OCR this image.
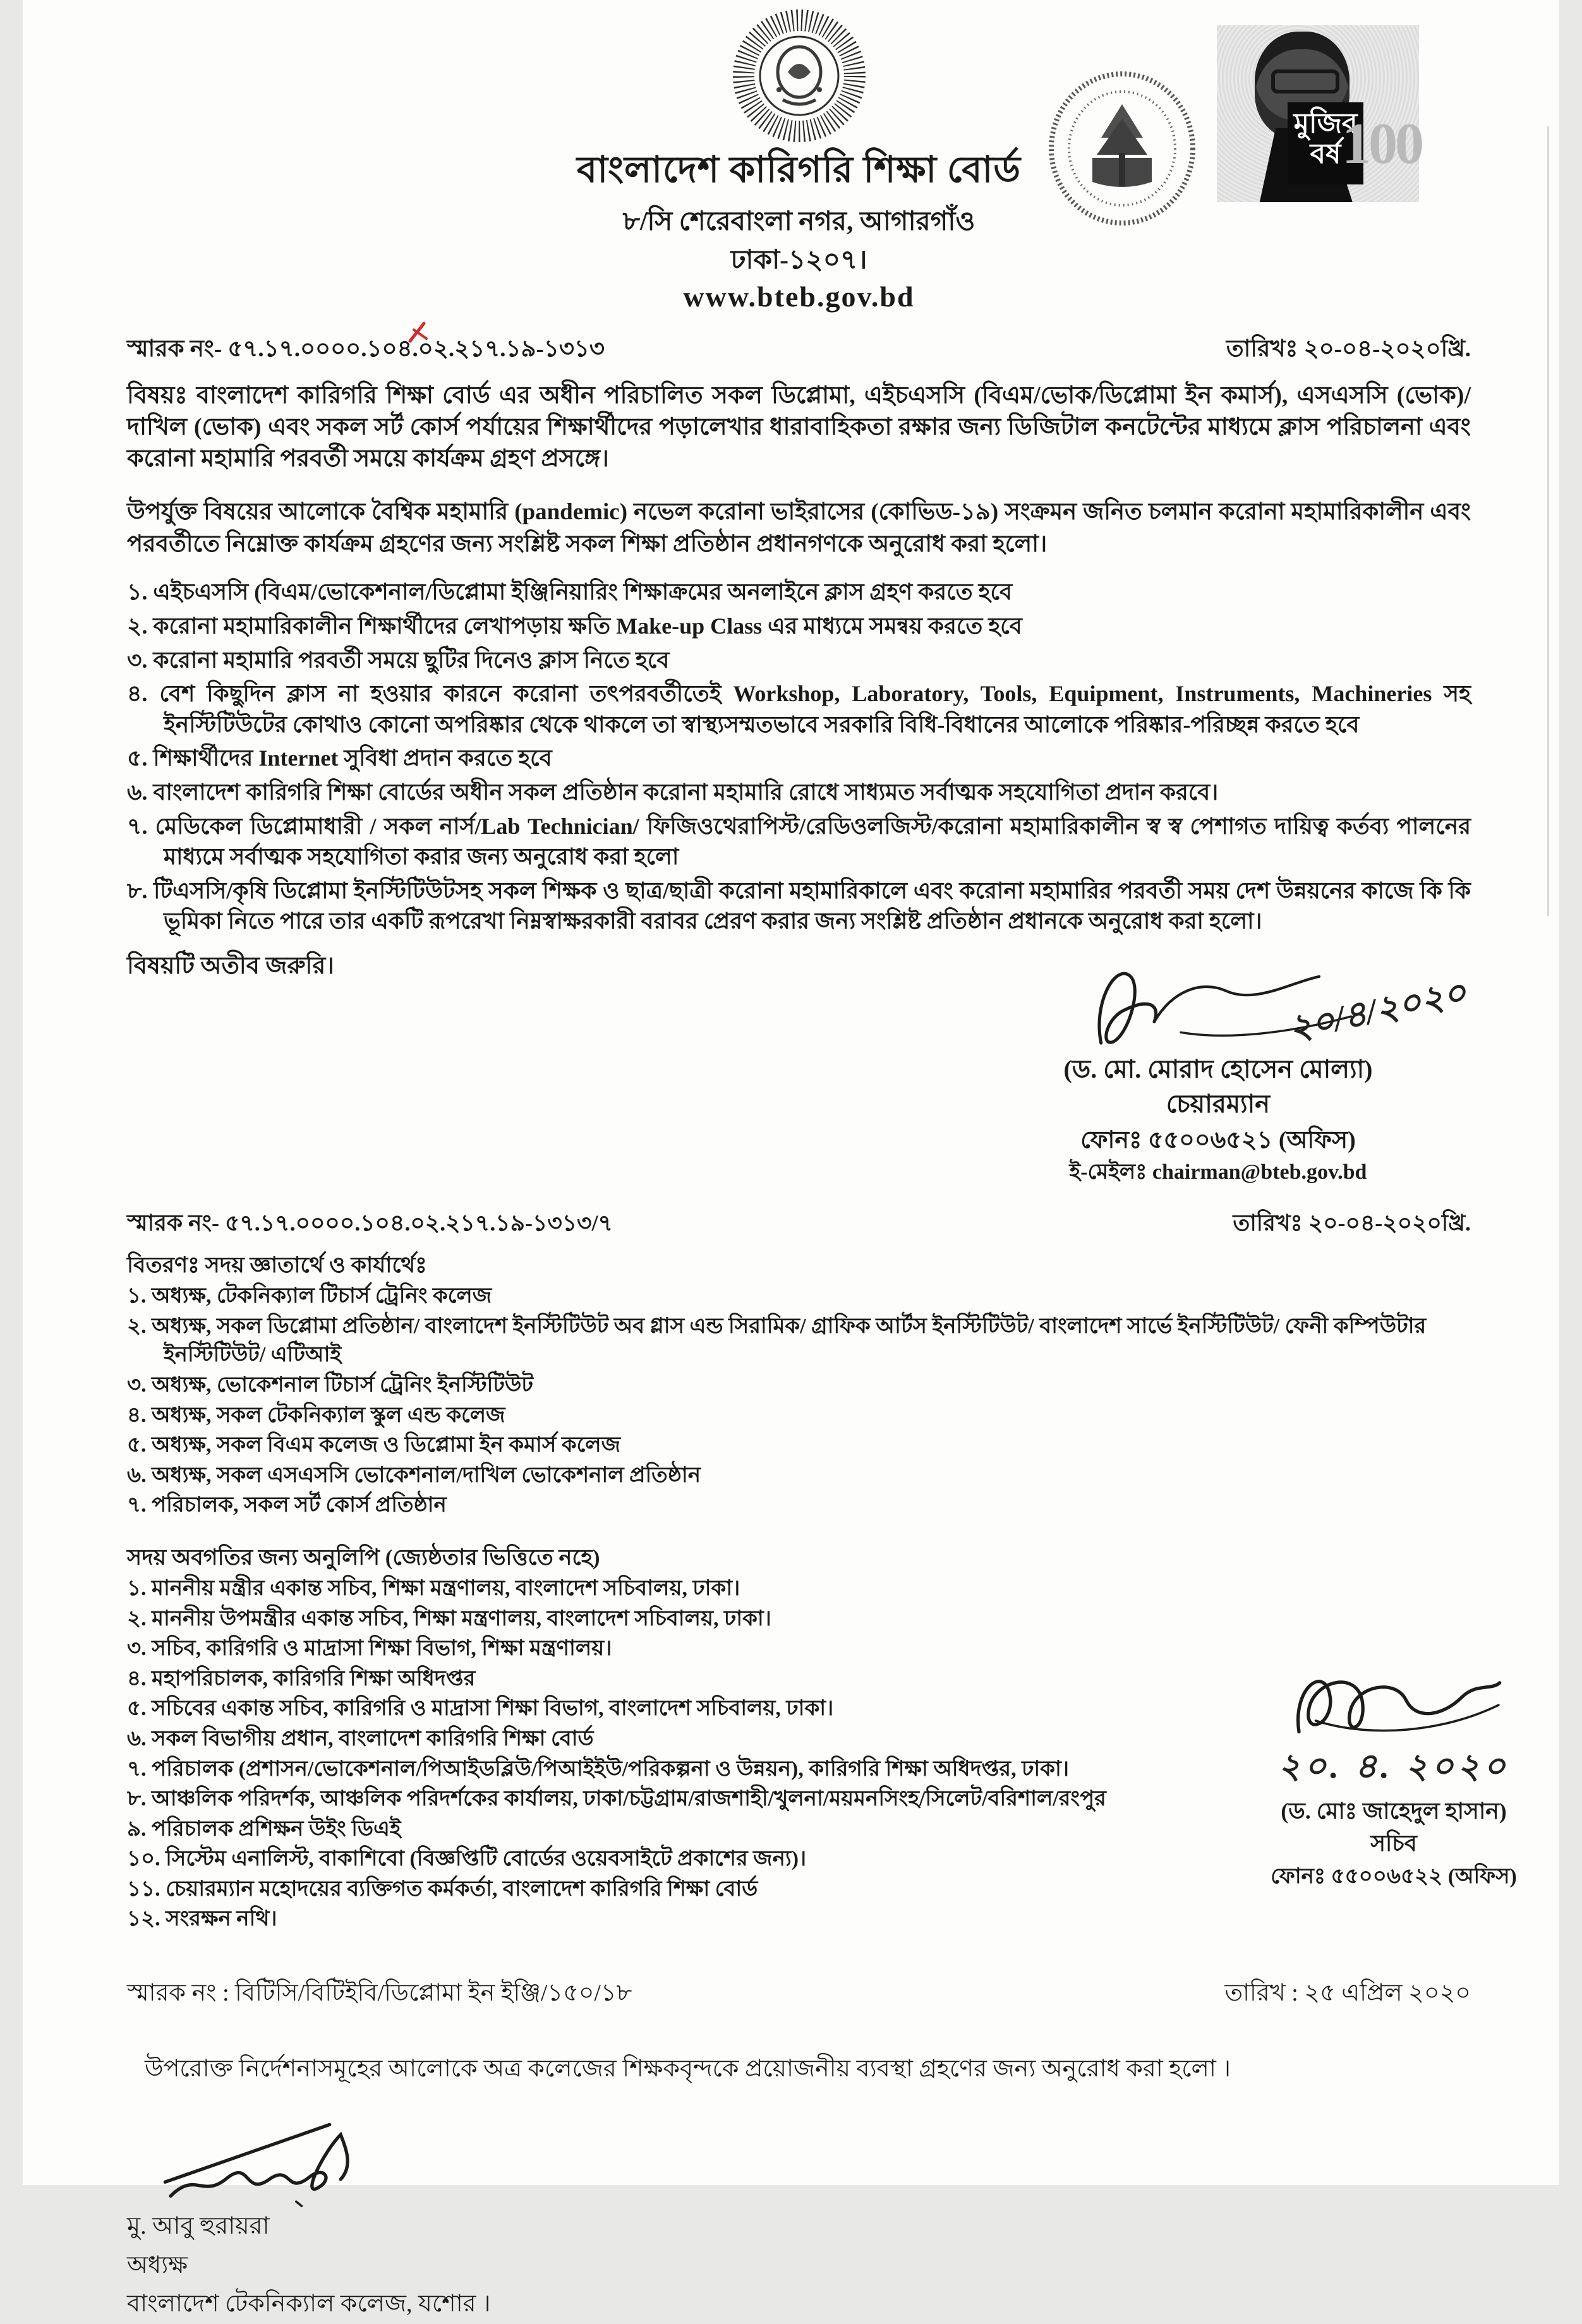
বাংলাদেশ কারিগরি শিক্ষা বোর্ড
৮/সি শেরেবাংলা নগর, আগারগাঁও
ঢাকা-১২০৭।
www.bteb.gov.bd
মুজিব
বর্ষ 100
স্মারক নং- ৫৭.১৭.০০০০.১০৪.০২.২১৭.১৯-১৩১৩	তারিখঃ ২০-০৪-২০২০খ্রি.

বিষয়ঃ বাংলাদেশ কারিগরি শিক্ষা বোর্ড এর অধীন পরিচালিত সকল ডিপ্লোমা, এইচএসসি (বিএম/ভোক/ডিপ্লোমা ইন কমার্স), এসএসসি (ভোক)/দাখিল (ভোক) এবং সকল সর্ট কোর্স পর্যায়ের শিক্ষার্থীদের পড়ালেখার ধারাবাহিকতা রক্ষার জন্য ডিজিটাল কনটেন্টের মাধ্যমে ক্লাস পরিচালনা এবং করোনা মহামারি পরবর্তী সময়ে কার্যক্রম গ্রহণ প্রসঙ্গে।

উপর্যুক্ত বিষয়ের আলোকে বৈশ্বিক মহামারি (pandemic) নভেল করোনা ভাইরাসের (কোভিড-১৯) সংক্রমন জনিত চলমান করোনা মহামারিকালীন এবং পরবর্তীতে নিম্নোক্ত কার্যক্রম গ্রহণের জন্য সংশ্লিষ্ট সকল শিক্ষা প্রতিষ্ঠান প্রধানগণকে অনুরোধ করা হলো।

১. এইচএসসি (বিএম/ভোকেশনাল/ডিপ্লোমা ইঞ্জিনিয়ারিং শিক্ষাক্রমের অনলাইনে ক্লাস গ্রহণ করতে হবে

২. করোনা মহামারিকালীন শিক্ষার্থীদের লেখাপড়ায় ক্ষতি Make-up Class এর মাধ্যমে সমন্বয় করতে হবে

৩. করোনা মহামারি পরবর্তী সময়ে ছুটির দিনেও ক্লাস নিতে হবে

৪. বেশ কিছুদিন ক্লাস না হওয়ার কারনে করোনা তৎপরবর্তীতেই Workshop, Laboratory, Tools, Equipment, Instruments, Machineries সহ ইনস্টিটিউটের কোথাও কোনো অপরিষ্কার থেকে থাকলে তা স্বাস্থ্যসম্মতভাবে সরকারি বিধি-বিধানের আলোকে পরিষ্কার-পরিচ্ছন্ন করতে হবে

৫. শিক্ষার্থীদের Internet সুবিধা প্রদান করতে হবে

৬. বাংলাদেশ কারিগরি শিক্ষা বোর্ডের অধীন সকল প্রতিষ্ঠান করোনা মহামারি রোধে সাধ্যমত সর্বাত্মক সহযোগিতা প্রদান করবে।

৭. মেডিকেল ডিপ্লোমাধারী / সকল নার্স/Lab Technician/ ফিজিওথেরাপিস্ট/রেডিওলজিস্ট/করোনা মহামারিকালীন স্ব স্ব পেশাগত দায়িত্ব কর্তব্য পালনের মাধ্যমে সর্বাত্মক সহযোগিতা করার জন্য অনুরোধ করা হলো

৮. টিএসসি/কৃষি ডিপ্লোমা ইনস্টিটিউটসহ সকল শিক্ষক ও ছাত্র/ছাত্রী করোনা মহামারিকালে এবং করোনা মহামারির পরবর্তী সময় দেশ উন্নয়নের কাজে কি কি ভূমিকা নিতে পারে তার একটি রূপরেখা নিম্নস্বাক্ষরকারী বরাবর প্রেরণ করার জন্য সংশ্লিষ্ট প্রতিষ্ঠান প্রধানকে অনুরোধ করা হলো।

বিষয়টি অতীব জরুরি।

২০/৪/২০২০
(ড. মো. মোরাদ হোসেন মোল্যা)
চেয়ারম্যান
ফোনঃ ৫৫০০৬৫২১ (অফিস)
ই-মেইলঃ chairman@bteb.gov.bd
স্মারক নং- ৫৭.১৭.০০০০.১০৪.০২.২১৭.১৯-১৩১৩/৭	তারিখঃ ২০-০৪-২০২০খ্রি.
বিতরণঃ সদয় জ্ঞাতার্থে ও কার্যার্থেঃ

১. অধ্যক্ষ, টেকনিক্যাল টিচার্স ট্রেনিং কলেজ

২. অধ্যক্ষ, সকল ডিপ্লোমা প্রতিষ্ঠান/ বাংলাদেশ ইনস্টিটিউট অব গ্লাস এন্ড সিরামিক/ গ্রাফিক আর্টস ইনস্টিটিউট/ বাংলাদেশ সার্ভে ইনস্টিটিউট/ ফেনী কম্পিউটার ইনস্টিটিউট/ এটিআই

৩. অধ্যক্ষ, ভোকেশনাল টিচার্স ট্রেনিং ইনস্টিটিউট

৪. অধ্যক্ষ, সকল টেকনিক্যাল স্কুল এন্ড কলেজ

৫. অধ্যক্ষ, সকল বিএম কলেজ ও ডিপ্লোমা ইন কমার্স কলেজ

৬. অধ্যক্ষ, সকল এসএসসি ভোকেশনাল/দাখিল ভোকেশনাল প্রতিষ্ঠান

৭. পরিচালক, সকল সর্ট কোর্স প্রতিষ্ঠান

সদয় অবগতির জন্য অনুলিপি (জ্যেষ্ঠতার ভিত্তিতে নহে)

১. মাননীয় মন্ত্রীর একান্ত সচিব, শিক্ষা মন্ত্রণালয়, বাংলাদেশ সচিবালয়, ঢাকা।

২. মাননীয় উপমন্ত্রীর একান্ত সচিব, শিক্ষা মন্ত্রণালয়, বাংলাদেশ সচিবালয়, ঢাকা।

৩. সচিব, কারিগরি ও মাদ্রাসা শিক্ষা বিভাগ, শিক্ষা মন্ত্রণালয়।

৪. মহাপরিচালক, কারিগরি শিক্ষা অধিদপ্তর

৫. সচিবের একান্ত সচিব, কারিগরি ও মাদ্রাসা শিক্ষা বিভাগ, বাংলাদেশ সচিবালয়, ঢাকা।

৬. সকল বিভাগীয় প্রধান, বাংলাদেশ কারিগরি শিক্ষা বোর্ড

৭. পরিচালক (প্রশাসন/ভোকেশনাল/পিআইডব্লিউ/পিআইইউ/পরিকল্পনা ও উন্নয়ন), কারিগরি শিক্ষা অধিদপ্তর, ঢাকা।

৮. আঞ্চলিক পরিদর্শক, আঞ্চলিক পরিদর্শকের কার্যালয়, ঢাকা/চট্টগ্রাম/রাজশাহী/খুলনা/ময়মনসিংহ/সিলেট/বরিশাল/রংপুর

৯. পরিচালক প্রশিক্ষন উইং ডিএই

১০. সিস্টেম এনালিস্ট, বাকাশিবো (বিজ্ঞপ্তিটি বোর্ডের ওয়েবসাইটে প্রকাশের জন্য)।

১১. চেয়ারম্যান মহোদয়ের ব্যক্তিগত কর্মকর্তা, বাংলাদেশ কারিগরি শিক্ষা বোর্ড

১২. সংরক্ষন নথি।

২০. ৪. ২০২০
(ড. মোঃ জাহেদুল হাসান)
সচিব
ফোনঃ ৫৫০০৬৫২২ (অফিস)
স্মারক নং : বিটিসি/বিটিইবি/ডিপ্লোমা ইন ইঞ্জি/১৫০/১৮	তারিখ : ২৫ এপ্রিল ২০২০

উপরোক্ত নির্দেশনাসমূহের আলোকে অত্র কলেজের শিক্ষকবৃন্দকে প্রয়োজনীয় ব্যবস্থা গ্রহণের জন্য অনুরোধ করা হলো ।

মু. আবু হুরায়রা
অধ্যক্ষ
বাংলাদেশ টেকনিক্যাল কলেজ, যশোর ।
